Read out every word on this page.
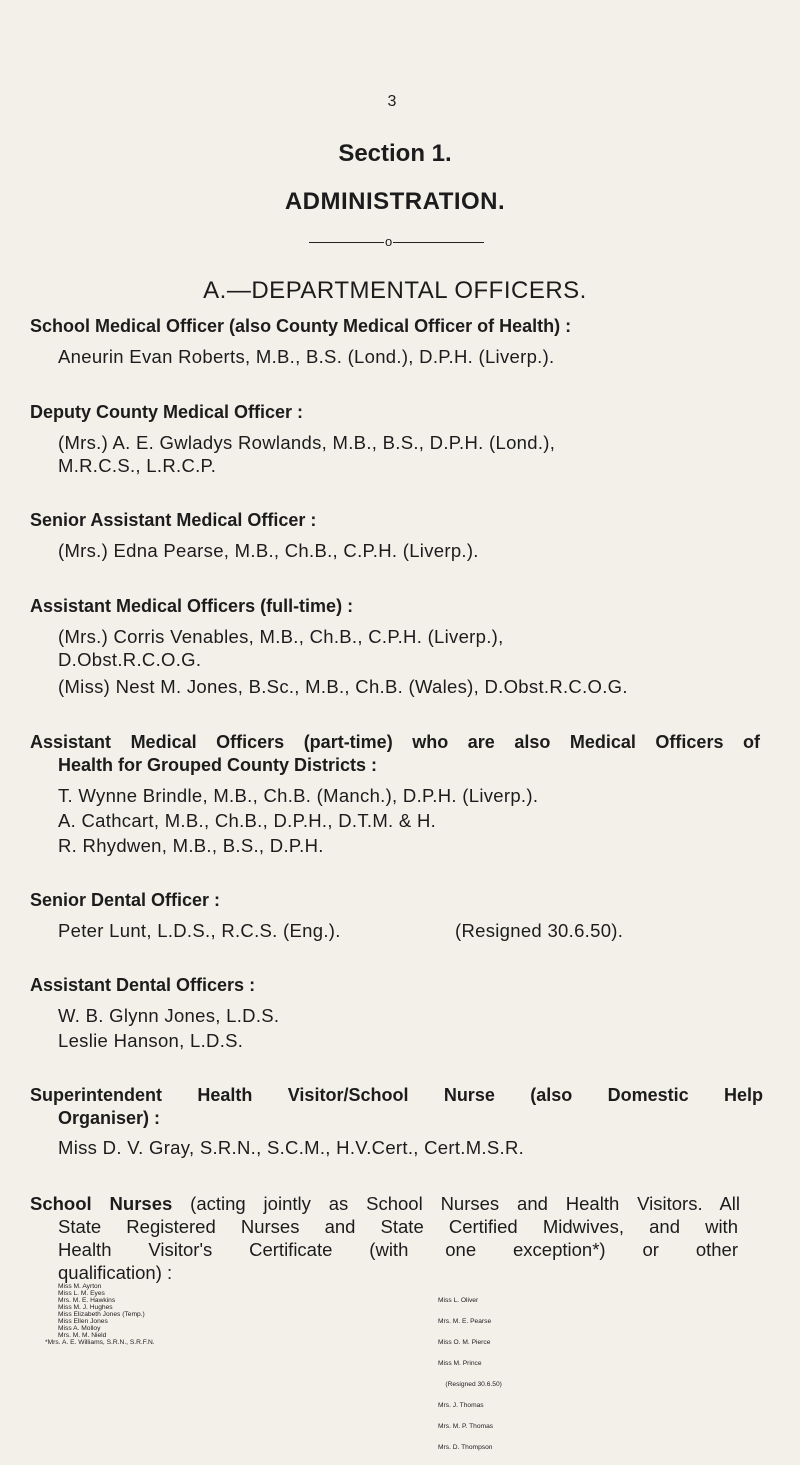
3
Section 1.
ADMINISTRATION.
o
A.—DEPARTMENTAL OFFICERS.
School Medical Officer (also County Medical Officer of Health) :
Aneurin Evan Roberts, M.B., B.S. (Lond.), D.P.H. (Liverp.).
Deputy County Medical Officer :
(Mrs.) A. E. Gwladys Rowlands, M.B., B.S., D.P.H. (Lond.),
M.R.C.S., L.R.C.P.
Senior Assistant Medical Officer :
(Mrs.) Edna Pearse, M.B., Ch.B., C.P.H. (Liverp.).
Assistant Medical Officers (full-time) :
(Mrs.) Corris Venables, M.B., Ch.B., C.P.H. (Liverp.),
D.Obst.R.C.O.G.
(Miss) Nest M. Jones, B.Sc., M.B., Ch.B. (Wales), D.Obst.R.C.O.G.
Assistant Medical Officers (part-time) who are also Medical Officers of
Health for Grouped County Districts :
T. Wynne Brindle, M.B., Ch.B. (Manch.), D.P.H. (Liverp.).
A. Cathcart, M.B., Ch.B., D.P.H., D.T.M. & H.
R. Rhydwen, M.B., B.S., D.P.H.
Senior Dental Officer :
Peter Lunt, L.D.S., R.C.S. (Eng.).	(Resigned 30.6.50).
Assistant Dental Officers :
W. B. Glynn Jones, L.D.S.
Leslie Hanson, L.D.S.
Superintendent Health Visitor/School Nurse (also Domestic Help
Organiser) :
Miss D. V. Gray, S.R.N., S.C.M., H.V.Cert., Cert.M.S.R.
School Nurses (acting jointly as School Nurses and Health Visitors. All
State Registered Nurses and State Certified Midwives, and with
Health Visitor's Certificate (with one exception*) or other
qualification) :
Miss M. Ayrton
Miss L. M. Eyes
Mrs. M. E. Hawkins
Miss M. J. Hughes
Miss Elizabeth Jones (Temp.)
Miss Ellen Jones
Miss A. Molloy
Mrs. M. M. Nield

Miss L. Oliver

Mrs. M. E. Pearse

Miss O. M. Pierce

Miss M. Prince

(Resigned 30.6.50)

Mrs. J. Thomas

Mrs. M. P. Thomas

Mrs. D. Thompson

*Mrs. A. E. Williams, S.R.N., S.R.F.N.
